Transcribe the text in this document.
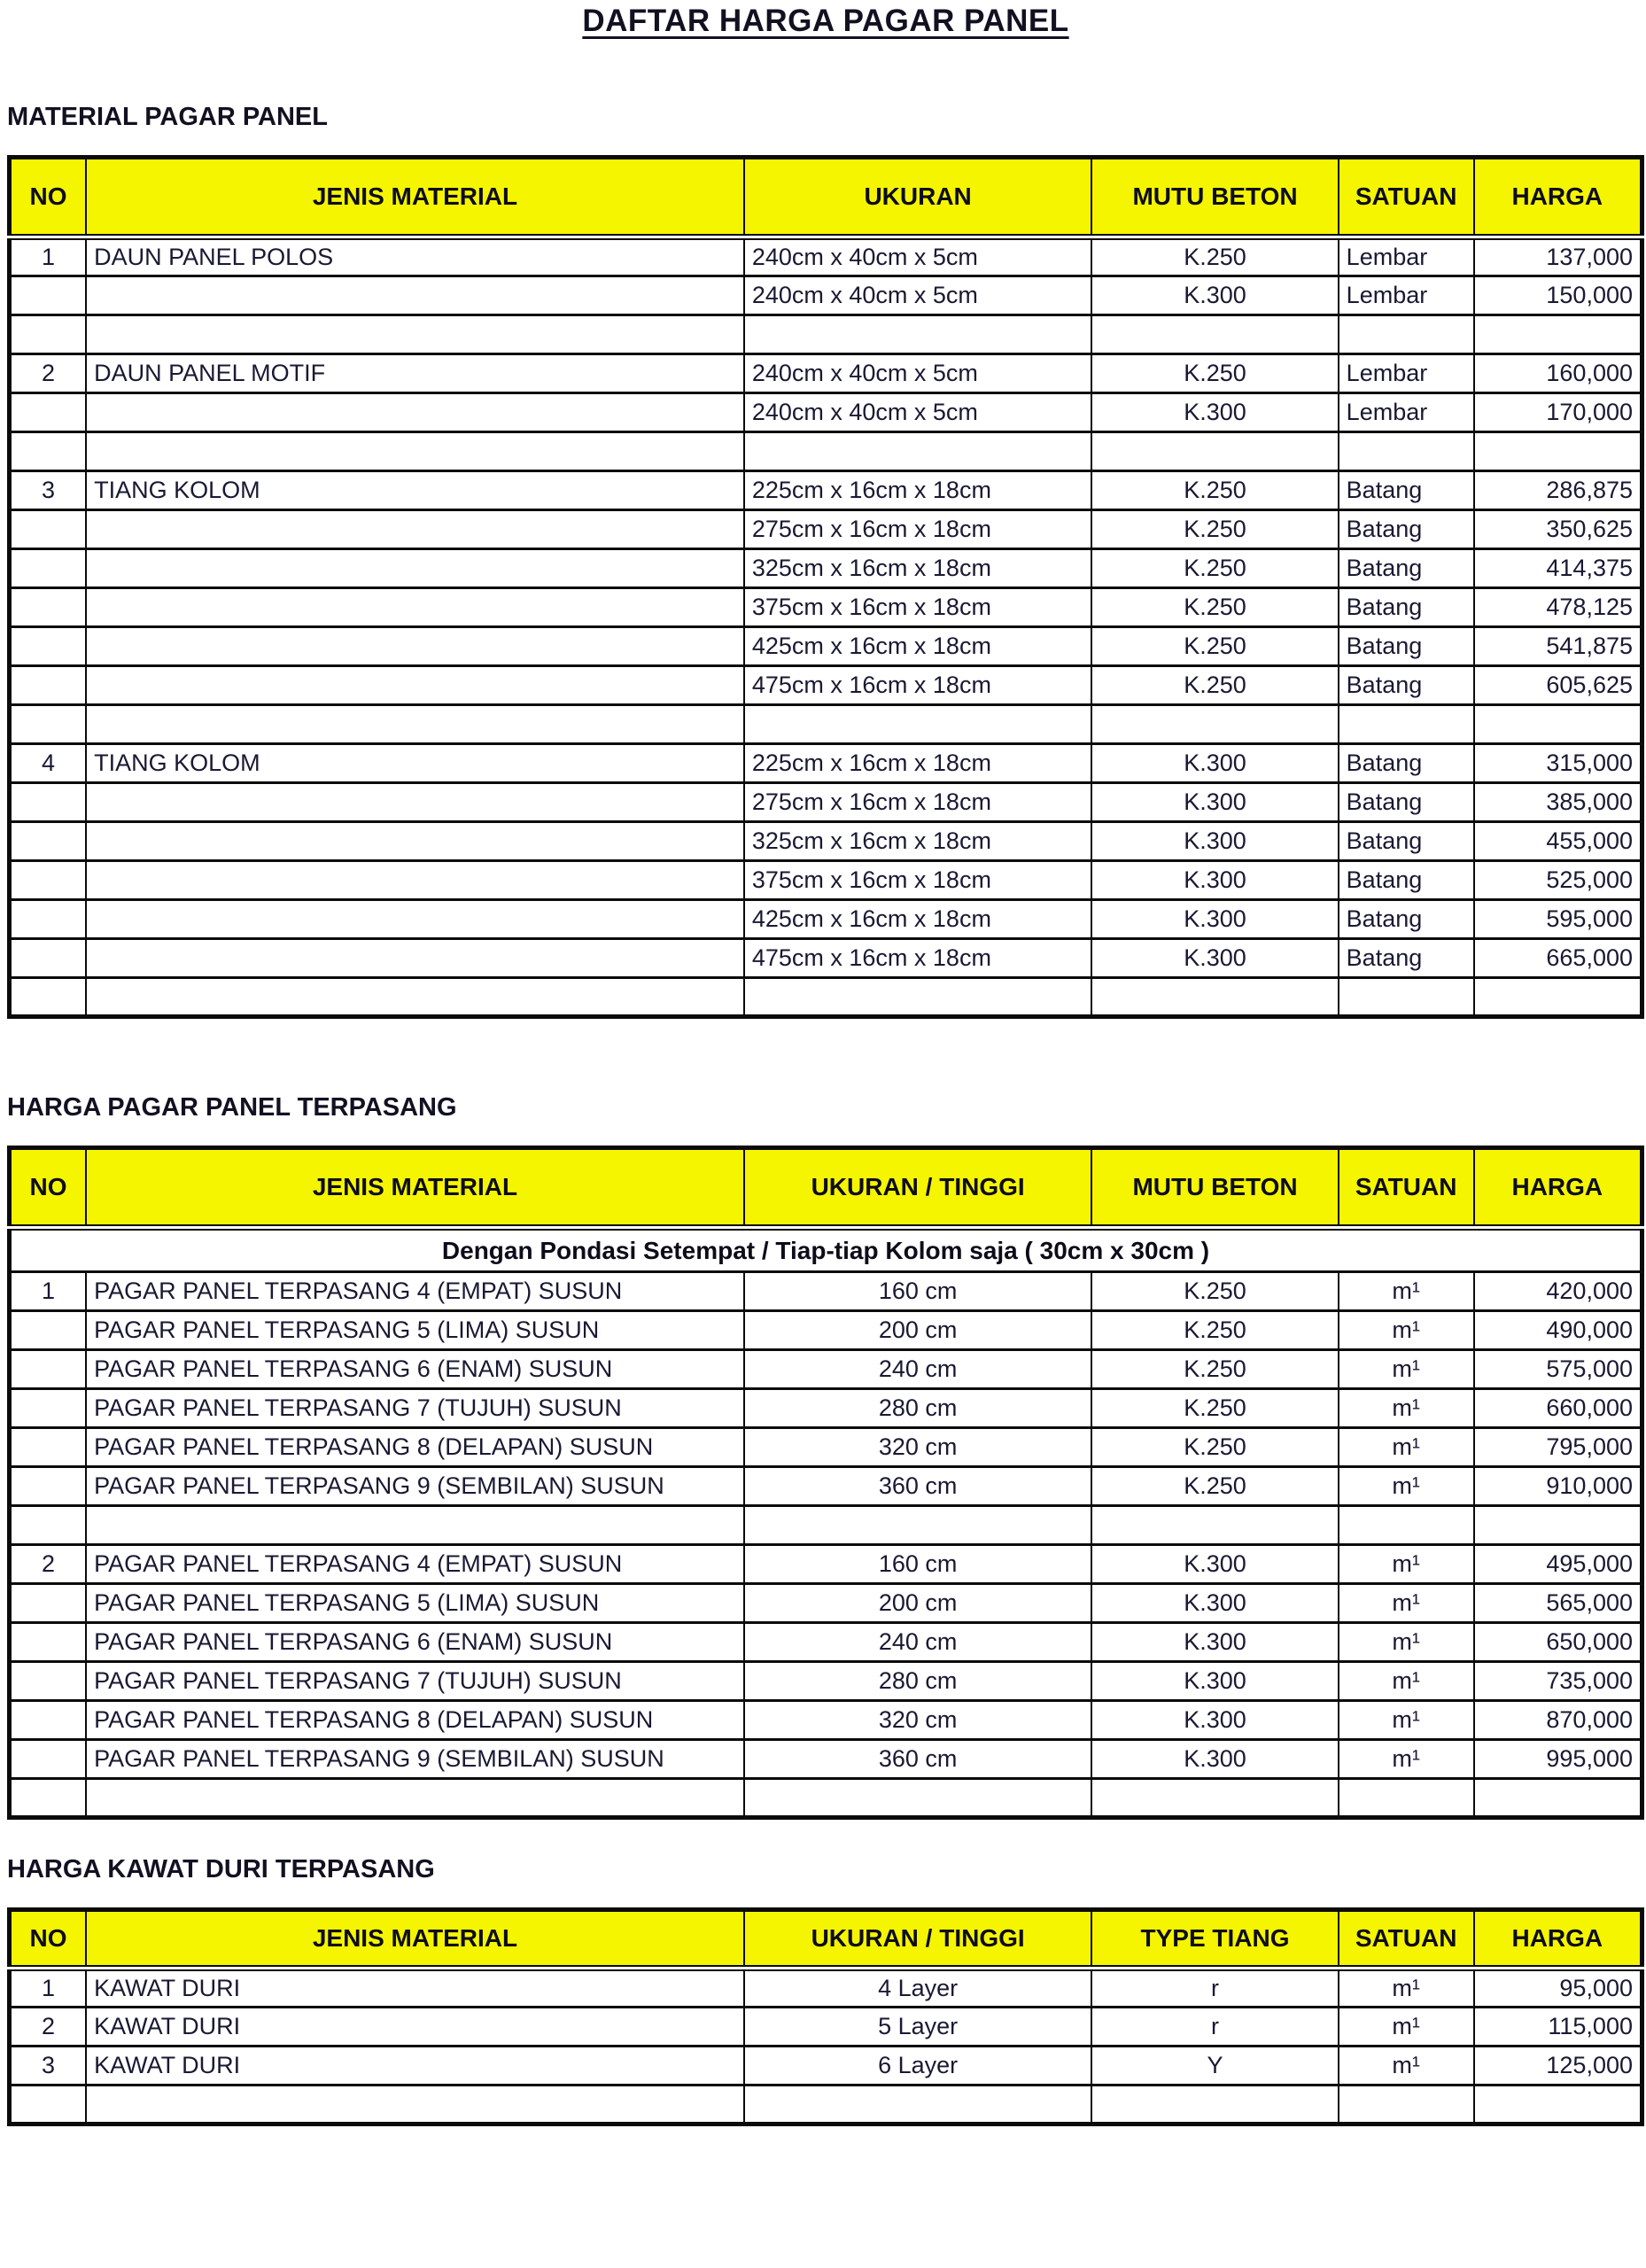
DAFTAR HARGA PAGAR PANEL
MATERIAL PAGAR PANEL
NO	JENIS MATERIAL	UKURAN	MUTU BETON	SATUAN	HARGA
1	DAUN PANEL POLOS	240cm x 40cm x 5cm	K.250	Lembar	137,000
		240cm x 40cm x 5cm	K.300	Lembar	150,000

2	DAUN PANEL MOTIF	240cm x 40cm x 5cm	K.250	Lembar	160,000
		240cm x 40cm x 5cm	K.300	Lembar	170,000

3	TIANG KOLOM	225cm x 16cm x 18cm	K.250	Batang	286,875
		275cm x 16cm x 18cm	K.250	Batang	350,625
		325cm x 16cm x 18cm	K.250	Batang	414,375
		375cm x 16cm x 18cm	K.250	Batang	478,125
		425cm x 16cm x 18cm	K.250	Batang	541,875
		475cm x 16cm x 18cm	K.250	Batang	605,625

4	TIANG KOLOM	225cm x 16cm x 18cm	K.300	Batang	315,000
		275cm x 16cm x 18cm	K.300	Batang	385,000
		325cm x 16cm x 18cm	K.300	Batang	455,000
		375cm x 16cm x 18cm	K.300	Batang	525,000
		425cm x 16cm x 18cm	K.300	Batang	595,000
		475cm x 16cm x 18cm	K.300	Batang	665,000

HARGA PAGAR PANEL TERPASANG
NO	JENIS MATERIAL	UKURAN / TINGGI	MUTU BETON	SATUAN	HARGA
Dengan Pondasi Setempat / Tiap-tiap Kolom saja ( 30cm x 30cm )					
1	PAGAR PANEL TERPASANG 4 (EMPAT) SUSUN	160 cm	K.250	m¹	420,000
	PAGAR PANEL TERPASANG 5 (LIMA) SUSUN	200 cm	K.250	m¹	490,000
	PAGAR PANEL TERPASANG 6 (ENAM) SUSUN	240 cm	K.250	m¹	575,000
	PAGAR PANEL TERPASANG 7 (TUJUH) SUSUN	280 cm	K.250	m¹	660,000
	PAGAR PANEL TERPASANG 8 (DELAPAN) SUSUN	320 cm	K.250	m¹	795,000
	PAGAR PANEL TERPASANG 9 (SEMBILAN) SUSUN	360 cm	K.250	m¹	910,000

2	PAGAR PANEL TERPASANG 4 (EMPAT) SUSUN	160 cm	K.300	m¹	495,000
	PAGAR PANEL TERPASANG 5 (LIMA) SUSUN	200 cm	K.300	m¹	565,000
	PAGAR PANEL TERPASANG 6 (ENAM) SUSUN	240 cm	K.300	m¹	650,000
	PAGAR PANEL TERPASANG 7 (TUJUH) SUSUN	280 cm	K.300	m¹	735,000
	PAGAR PANEL TERPASANG 8 (DELAPAN) SUSUN	320 cm	K.300	m¹	870,000
	PAGAR PANEL TERPASANG 9 (SEMBILAN) SUSUN	360 cm	K.300	m¹	995,000

HARGA KAWAT DURI TERPASANG
NO	JENIS MATERIAL	UKURAN / TINGGI	TYPE TIANG	SATUAN	HARGA
1	KAWAT DURI	4 Layer	r	m¹	95,000
2	KAWAT DURI	5 Layer	r	m¹	115,000
3	KAWAT DURI	6 Layer	Y	m¹	125,000
